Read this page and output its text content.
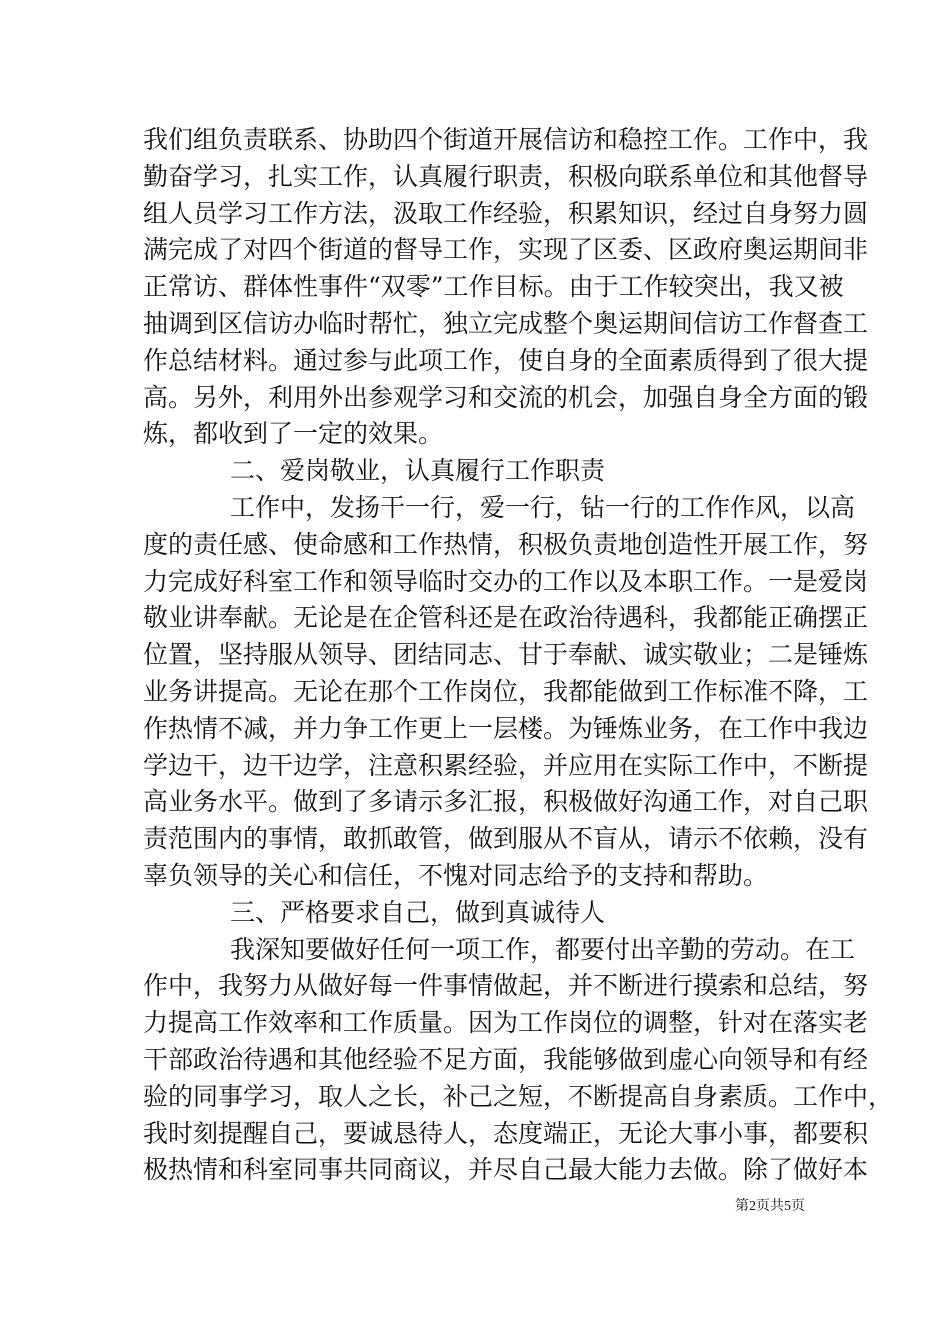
我们组负责联系、协助四个街道开展信访和稳控工作。工作中，我
勤奋学习，扎实工作，认真履行职责，积极向联系单位和其他督导
组人员学习工作方法，汲取工作经验，积累知识，经过自身努力圆
满完成了对四个街道的督导工作，实现了区委、区政府奥运期间非
正常访、群体性事件“双零”工作目标。由于工作较突出，我又被
抽调到区信访办临时帮忙，独立完成整个奥运期间信访工作督查工
作总结材料。通过参与此项工作，使自身的全面素质得到了很大提
高。另外，利用外出参观学习和交流的机会，加强自身全方面的锻
炼，都收到了一定的效果。
二、爱岗敬业，认真履行工作职责
工作中，发扬干一行，爱一行，钻一行的工作作风，以高
度的责任感、使命感和工作热情，积极负责地创造性开展工作，努
力完成好科室工作和领导临时交办的工作以及本职工作。一是爱岗
敬业讲奉献。无论是在企管科还是在政治待遇科，我都能正确摆正
位置，坚持服从领导、团结同志、甘于奉献、诚实敬业；二是锤炼
业务讲提高。无论在那个工作岗位，我都能做到工作标准不降，工
作热情不减，并力争工作更上一层楼。为锤炼业务，在工作中我边
学边干，边干边学，注意积累经验，并应用在实际工作中，不断提
高业务水平。做到了多请示多汇报，积极做好沟通工作，对自己职
责范围内的事情，敢抓敢管，做到服从不盲从，请示不依赖，没有
辜负领导的关心和信任，不愧对同志给予的支持和帮助。
三、严格要求自己，做到真诚待人
我深知要做好任何一项工作，都要付出辛勤的劳动。在工
作中，我努力从做好每一件事情做起，并不断进行摸索和总结，努
力提高工作效率和工作质量。因为工作岗位的调整，针对在落实老
干部政治待遇和其他经验不足方面，我能够做到虚心向领导和有经
验的同事学习，取人之长，补己之短，不断提高自身素质。工作中，
我时刻提醒自己，要诚恳待人，态度端正，无论大事小事，都要积
极热情和科室同事共同商议，并尽自己最大能力去做。除了做好本
第2页共5页
